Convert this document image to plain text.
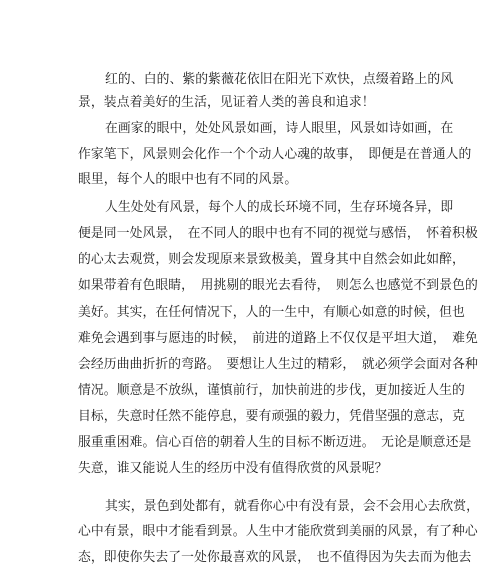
红的、白的、紫的紫薇花依旧在阳光下欢快，点缀着路上的风
景，装点着美好的生活，见证着人类的善良和追求！
在画家的眼中，处处风景如画，诗人眼里，风景如诗如画，在
作家笔下，风景则会化作一个个动人心魂的故事，　即便是在普通人的
眼里，每个人的眼中也有不同的风景。
人生处处有风景，每个人的成长环境不同，生存环境各异，即
便是同一处风景，　在不同人的眼中也有不同的视觉与感悟，　怀着积极
的心太去观赏，则会发现原来景致极美，置身其中自然会如此如醉，
如果带着有色眼睛，　用挑剔的眼光去看待，　则怎么也感觉不到景色的
美好。其实，在任何情况下，人的一生中，有顺心如意的时候，但也
难免会遇到事与愿违的时候，　前进的道路上不仅仅是平坦大道，　难免
会经历曲曲折折的弯路。　要想让人生过的精彩，　就必须学会面对各种
情况。顺意是不放纵，谨慎前行，加快前进的步伐，更加接近人生的
目标，失意时任然不能停息，要有顽强的毅力，凭借坚强的意志，克
服重重困难。信心百倍的朝着人生的目标不断迈进。　无论是顺意还是
失意，谁又能说人生的经历中没有值得欣赏的风景呢？
其实，景色到处都有，就看你心中有没有景，会不会用心去欣赏，
心中有景，眼中才能看到景。人生中才能欣赏到美丽的风景，有了种心
态，即使你失去了一处你最喜欢的风景，　也不值得因为失去而为他去
